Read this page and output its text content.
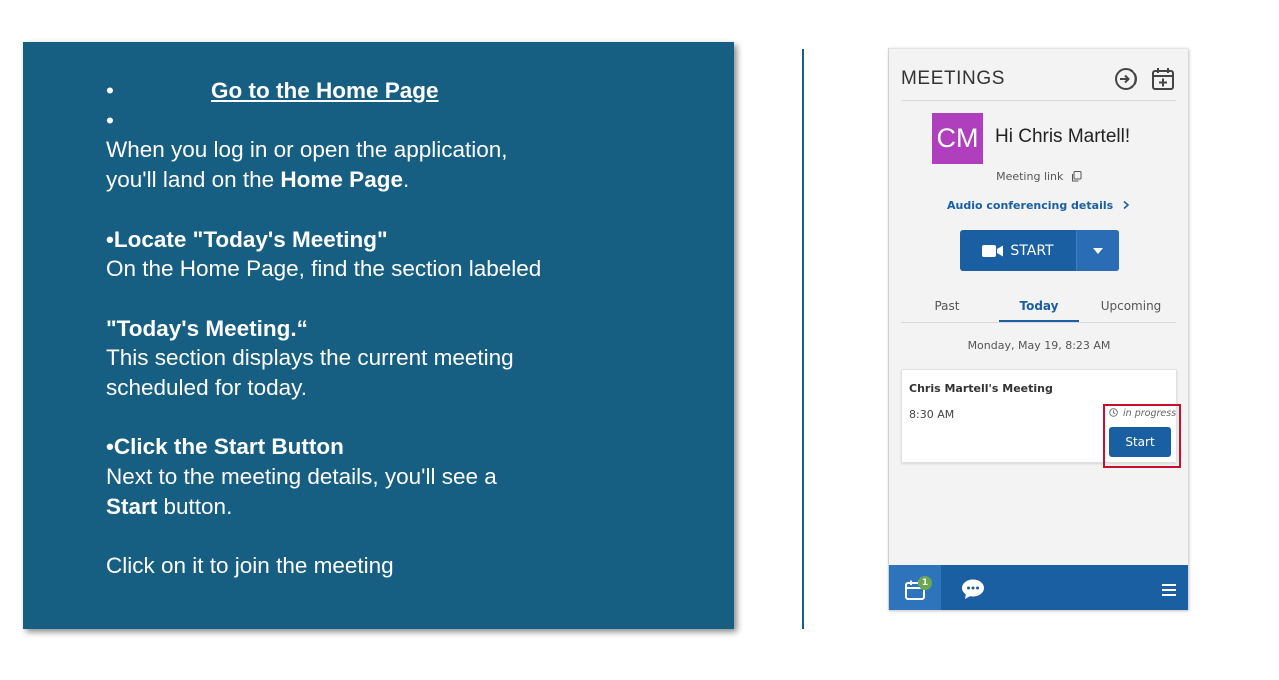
•	Go to the Home Page
•
When you log in or open the application,
you'll land on the Home Page.
•Locate "Today's Meeting"
On the Home Page, find the section labeled
"Today's Meeting.“
This section displays the current meeting
scheduled for today.
•Click the Start Button
Next to the meeting details, you'll see a
Start button.
Click on it to join the meeting
MEETINGS
CM Hi Chris Martell!
Meeting link
Audio conferencing details
START
Past	Today	Upcoming
Monday, May 19, 8:23 AM
Chris Martell's Meeting
8:30 AM	in progress
Start
1
